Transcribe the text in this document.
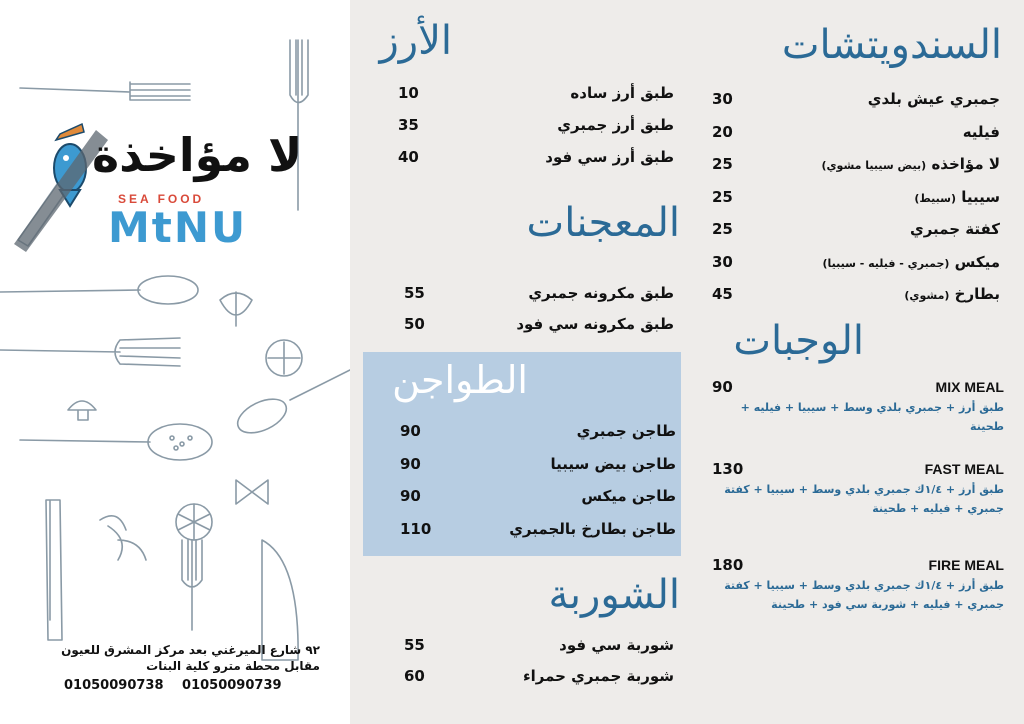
لا مؤاخذة
SEA FOOD
MtNU
٩٢ شارع الميرغني بعد مركز المشرق للعيون
مقابل محطة مترو كلية البنات
01050090738 01050090739
السندويتشات
30	جمبري عيش بلدي
20	فيليه
25	لا مؤاخذه (بيض سيبيا مشوي)
25	سيبيا (سبيط)
25	كفتة جمبري
30	ميكس (جمبري - فيليه - سيبيا)
45	بطارخ (مشوي)
الوجبات
90	MIX MEAL
طبق أرز + جمبري بلدي وسط + سيبيا + فيليه + طحينة
130	FAST MEAL
طبق أرز + ١/٤ك جمبري بلدي وسط + سيبيا + كفتة جمبري + فيليه + طحينة
180	FIRE MEAL
طبق أرز + ١/٤ك جمبري بلدي وسط + سيبيا + كفتة جمبري + فيليه + شوربة سي فود + طحينة
الأرز
10	طبق أرز ساده
35	طبق أرز جمبري
40	طبق أرز سي فود
المعجنات
55	طبق مكرونه جمبري
50	طبق مكرونه سي فود
الطواجن
90	طاجن جمبري
90	طاجن بيض سيبيا
90	طاجن ميكس
110	طاجن بطارخ بالجمبري
الشوربة
55	شوربة سي فود
60	شوربة جمبري حمراء
